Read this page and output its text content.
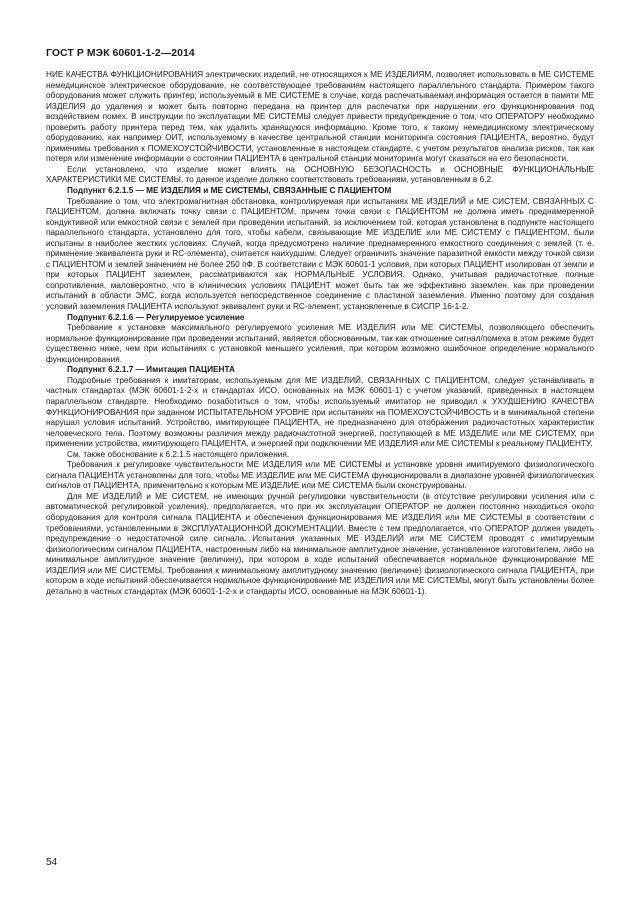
ГОСТ Р МЭК 60601-1-2—2014

НИЕ КАЧЕСТВА ФУНКЦИОНИРОВАНИЯ электрических изделий, не относящихся к МЕ ИЗДЕЛИЯМ, позволяет использовать в МЕ СИСТЕМЕ немедицинское электрическое оборудование, не соответствующее требованиям настоящего параллельного стандарта. Примером такого оборудования может служить принтер, используемый в МЕ СИСТЕМЕ в случае, когда распечатываемая информация остается в памяти МЕ ИЗДЕЛИЯ до удаления и может быть повторно передана на принтер для распечатки при нарушении его функционирования под воздействием помех. В инструкции по эксплуатации МЕ СИСТЕМЫ следует привести предупреждение о том, что ОПЕРАТОРУ необходимо проверить работу принтера перед тем, как удалить хранящуюся информацию. Кроме того, к такому немедицинскому электрическому оборудованию, как например ОИТ, используемому в качестве центральной станции мониторинга состояния ПАЦИЕНТА, вероятно, будут применимы требования к ПОМЕХОУСТОЙЧИВОСТИ, установленные в настоящем стандарте, с учетом результатов анализа рисков, так как потеря или изменение информации о состоянии ПАЦИЕНТА в центральной станции мониторинга могут сказаться на его безопасности.

Если установлено, что изделие может влиять на ОСНОВНУЮ БЕЗОПАСНОСТЬ и ОСНОВНЫЕ ФУНКЦИОНАЛЬНЫЕ ХАРАКТЕРИСТИКИ МЕ СИСТЕМЫ, то данное изделие должно соответствовать требованиям, установленным в 6.2.

Подпункт 6.2.1.5 — МЕ ИЗДЕЛИЯ и МЕ СИСТЕМЫ, СВЯЗАННЫЕ С ПАЦИЕНТОМ

Требование о том, что электромагнитная обстановка, контролируемая при испытаниях МЕ ИЗДЕЛИЙ и МЕ СИСТЕМ, СВЯЗАННЫХ С ПАЦИЕНТОМ, должна включать точку связи с ПАЦИЕНТОМ, причем точка связи с ПАЦИЕНТОМ не должна иметь преднамеренной кондуктивной или емкостной связи с землей при проведении испытаний, за исключением той, которая установлена в подпункте настоящего параллельного стандарта, установлено для того, чтобы кабели, связывающие МЕ ИЗДЕЛИЕ или МЕ СИСТЕМУ с ПАЦИЕНТОМ, были испытаны в наиболее жестких условиях. Случай, когда предусмотрено наличие преднамеренного емкостного соединения с землей (т. е. применение эквивалента руки и RC-элемента), считается наихудшим. Следует ограничить значение паразитной емкости между точкой связи с ПАЦИЕНТОМ и землей значением не более 250 пФ. В соответствии с МЭК 60601-1 условия, при которых ПАЦИЕНТ изолирован от земли и при которых ПАЦИЕНТ заземлен, рассматриваются как НОРМАЛЬНЫЕ УСЛОВИЯ. Однако, учитывая радиочастотные полные сопротивления, маловероятно, что в клинических условиях ПАЦИЕНТ может быть так же эффективно заземлен, как при проведении испытаний в области ЭМС, когда используется непосредственное соединение с пластиной заземления. Именно поэтому для создания условий заземления ПАЦИЕНТА используют эквивалент руки и RC-элемент, установленные в СИСПР 16-1-2.

Подпункт 6.2.1.6 — Регулируемое усиление

Требование к установке максимального регулируемого усиления МЕ ИЗДЕЛИЯ или МЕ СИСТЕМЫ, позволяющего обеспечить нормальное функционирование при проведении испытаний, является обоснованным, так как отношение сигнал/помеха в этом режиме будет существенно ниже, чем при испытаниях с установкой меньшего усиления, при котором возможно ошибочное определение нормального функционирования.

Подпункт 6.2.1.7 — Имитация ПАЦИЕНТА

Подробные требования к имитаторам, используемым для МЕ ИЗДЕЛИЙ, СВЯЗАННЫХ С ПАЦИЕНТОМ, следует устанавливать в частных стандартах (МЭК 60601-1-2-х и стандартах ИСО, основанных на МЭК 60601-1) с учетом указаний, приведенных в настоящем параллельном стандарте. Необходимо позаботиться о том, чтобы используемый имитатор не приводил к УХУДШЕНИЮ КАЧЕСТВА ФУНКЦИОНИРОВАНИЯ при заданном ИСПЫТАТЕЛЬНОМ УРОВНЕ при испытаниях на ПОМЕХОУСТОЙЧИВОСТЬ и в минимальной степени нарушал условия испытаний. Устройство, имитирующее ПАЦИЕНТА, не предназначено для отображения радиочастотных характеристик человеческого тела. Поэтому возможны различия между радиочастотной энергией, поступающей в МЕ ИЗДЕЛИЕ или МЕ СИСТЕМУ, при применении устройства, имитирующего ПАЦИЕНТА, и энергией при подключении МЕ ИЗДЕЛИЯ или МЕ СИСТЕМЫ к реальному ПАЦИЕНТУ.

См. также обоснование к 6.2.1.5 настоящего приложения.

Требования к регулировке чувствительности МЕ ИЗДЕЛИЯ или МЕ СИСТЕМЫ и установке уровня имитируемого физиологического сигнала ПАЦИЕНТА установлены для того, чтобы МЕ ИЗДЕЛИЕ или МЕ СИСТЕМА функционировали в диапазоне уровней физиологических сигналов от ПАЦИЕНТА, применительно к которым МЕ ИЗДЕЛИЕ или МЕ СИСТЕМА были сконструированы.

Для МЕ ИЗДЕЛИЙ и МЕ СИСТЕМ, не имеющих ручной регулировки чувствительности (в отсутствие регулировки усиления или с автоматической регулировкой усиления), предполагается, что при их эксплуатации ОПЕРАТОР не должен постоянно находиться около оборудования для контроля сигнала ПАЦИЕНТА и обеспечения функционирования МЕ ИЗДЕЛИЯ или МЕ СИСТЕМЫ в соответствии с требованиями, установленными в ЭКСПЛУАТАЦИОННОЙ ДОКУМЕНТАЦИИ. Вместе с тем предполагается, что ОПЕРАТОР должен увидеть предупреждение о недостаточной силе сигнала. Испытания указанных МЕ ИЗДЕЛИЙ или МЕ СИСТЕМ проводят с имитируемым физиологическим сигналом ПАЦИЕНТА, настроенным либо на минимальное амплитудное значение, установленное изготовителем, либо на минимальное амплитудное значение (величину), при котором в ходе испытаний обеспечивается нормальное функционирование МЕ ИЗДЕЛИЯ или МЕ СИСТЕМЫ. Требования к минимальному амплитудному значению (величине) физиологического сигнала ПАЦИЕНТА, при котором в ходе испытаний обеспечивается нормальное функционирование МЕ ИЗДЕЛИЯ или МЕ СИСТЕМЫ, могут быть установлены более детально в частных стандартах (МЭК 60601-1-2-х и стандарты ИСО, основанные на МЭК 60601-1).

54
